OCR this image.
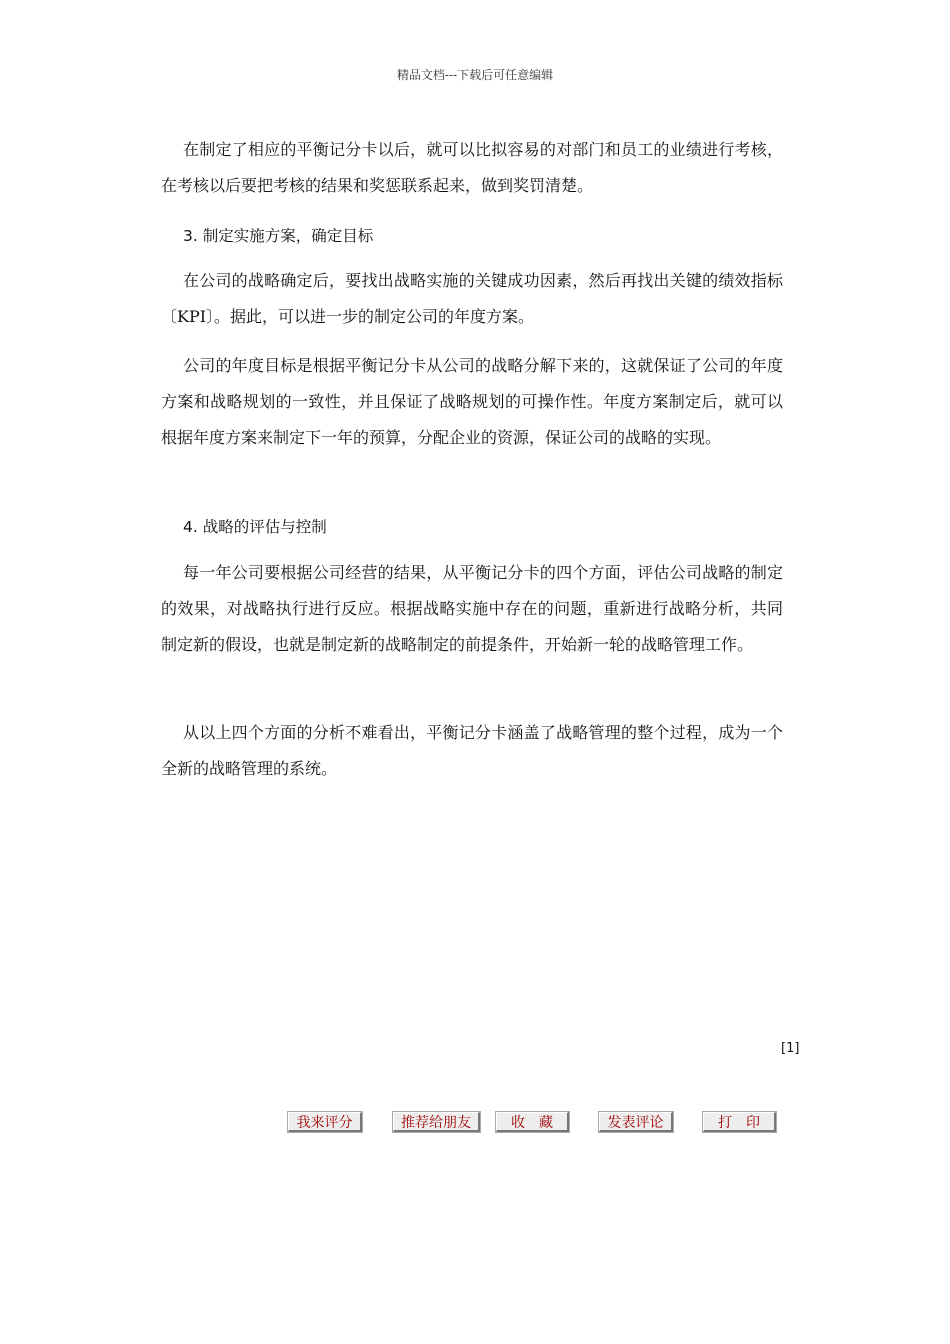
精品文档---下载后可任意编辑

在制定了相应的平衡记分卡以后，就可以比拟容易的对部门和员工的业绩进行考核，在考核以后要把考核的结果和奖惩联系起来，做到奖罚清楚。

3. 制定实施方案，确定目标

在公司的战略确定后，要找出战略实施的关键成功因素，然后再找出关键的绩效指标〔KPI〕。据此，可以进一步的制定公司的年度方案。

公司的年度目标是根据平衡记分卡从公司的战略分解下来的，这就保证了公司的年度方案和战略规划的一致性，并且保证了战略规划的可操作性。年度方案制定后，就可以根据年度方案来制定下一年的预算，分配企业的资源，保证公司的战略的实现。

4. 战略的评估与控制

每一年公司要根据公司经营的结果，从平衡记分卡的四个方面，评估公司战略的制定的效果，对战略执行进行反应。根据战略实施中存在的问题，重新进行战略分析，共同制定新的假设，也就是制定新的战略制定的前提条件，开始新一轮的战略管理工作。

从以上四个方面的分析不难看出，平衡记分卡涵盖了战略管理的整个过程，成为一个全新的战略管理的系统。

[1]
我来评分	推荐给朋友	收　藏	发表评论	打　印
